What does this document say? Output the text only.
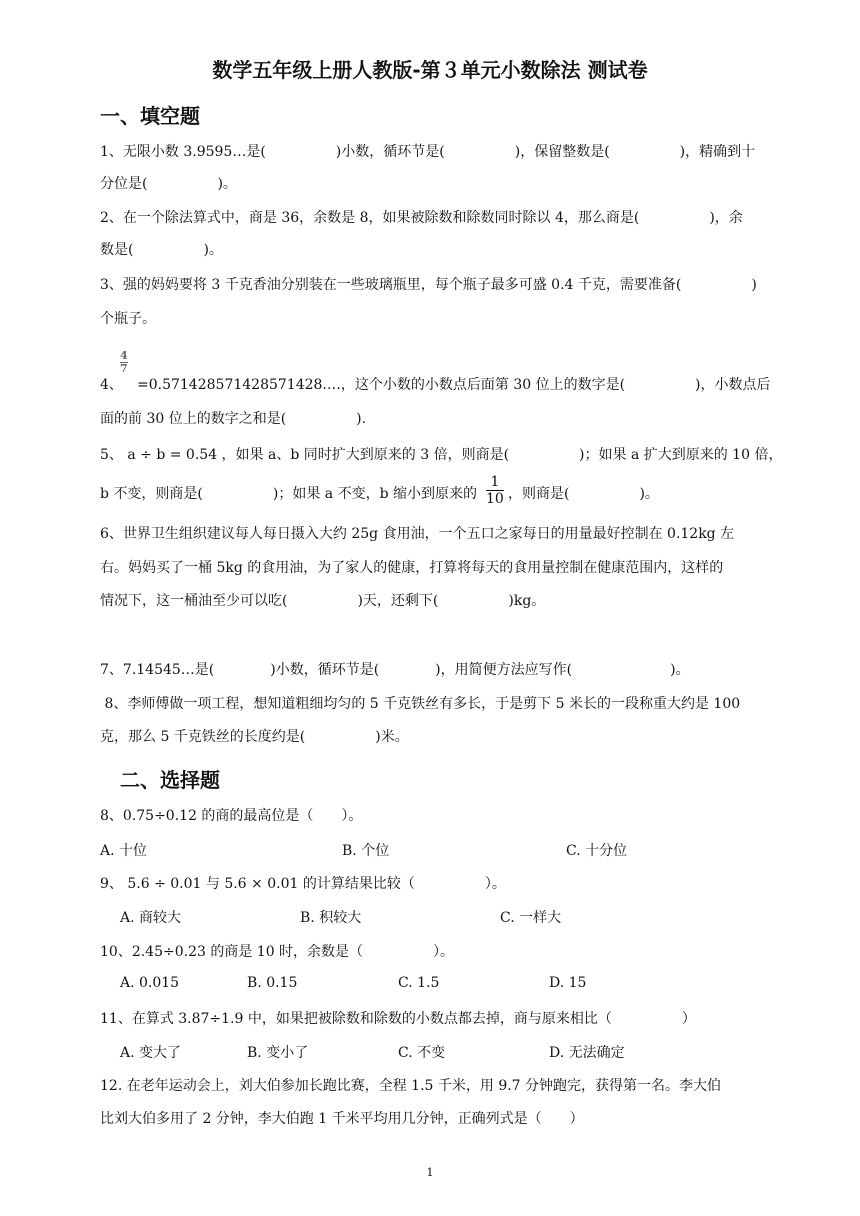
数学五年级上册人教版-第３单元小数除法 测试卷
一、填空题
1、无限小数 3.9595…是(　　　　　)小数，循环节是(　　　　　)，保留整数是(　　　　　)，精确到十
分位是(　　　　　)。
2、在一个除法算式中，商是 36，余数是 8，如果被除数和除数同时除以 4，那么商是(　　　　　)，余
数是(　　　　　)。
3、强的妈妈要将 3 千克香油分别装在一些玻璃瓶里，每个瓶子最多可盛 0.4 千克，需要准备(　　　　　)
个瓶子。
$\frac{4}{7}$
4、 =0.571428571428571428.…，这个小数的小数点后面第 30 位上的数字是(　　　　　)，小数点后
面的前 30 位上的数字之和是(　　　　　).
5、 a ÷ b = 0.54 ，如果 a、b 同时扩大到原来的 3 倍，则商是(　　　　　)；如果 a 扩大到原来的 10 倍，
b 不变，则商是(　　　　　)；如果 a 不变，b 缩小到原来的 $\frac{1}{10}$ ，则商是(　　　　　)。
6、世界卫生组织建议每人每日摄入大约 25g 食用油，一个五口之家每日的用量最好控制在 0.12kg 左
右。妈妈买了一桶 5kg 的食用油，为了家人的健康，打算将每天的食用量控制在健康范围内，这样的
情况下，这一桶油至少可以吃(　　　　　)天，还剩下(　　　　　)kg。
7、7.14545…是(　　　　)小数，循环节是(　　　　)，用简便方法应写作(　　　　　　　)。
8、李师傅做一项工程，想知道粗细均匀的 5 千克铁丝有多长，于是剪下 5 米长的一段称重大约是 100
克，那么 5 千克铁丝的长度约是(　　　　　)米。
二、选择题
8、0.75÷0.12 的商的最高位是（　　）。
A. 十位	B. 个位	C. 十分位
9、 5.6 ÷ 0.01 与 5.6 × 0.01 的计算结果比较（　　　　　）。
A. 商较大	B. 积较大	C. 一样大
10、2.45÷0.23 的商是 10 时，余数是（　　　　　）。
A. 0.015	B. 0.15	C. 1.5	D. 15
11、在算式 3.87÷1.9 中，如果把被除数和除数的小数点都去掉，商与原来相比（　　　　　）
A. 变大了	B. 变小了	C. 不变	D. 无法确定
12. 在老年运动会上，刘大伯参加长跑比赛，全程 1.5 千米，用 9.7 分钟跑完，获得第一名。李大伯
比刘大伯多用了 2 分钟，李大伯跑 1 千米平均用几分钟，正确列式是（　　）
1
